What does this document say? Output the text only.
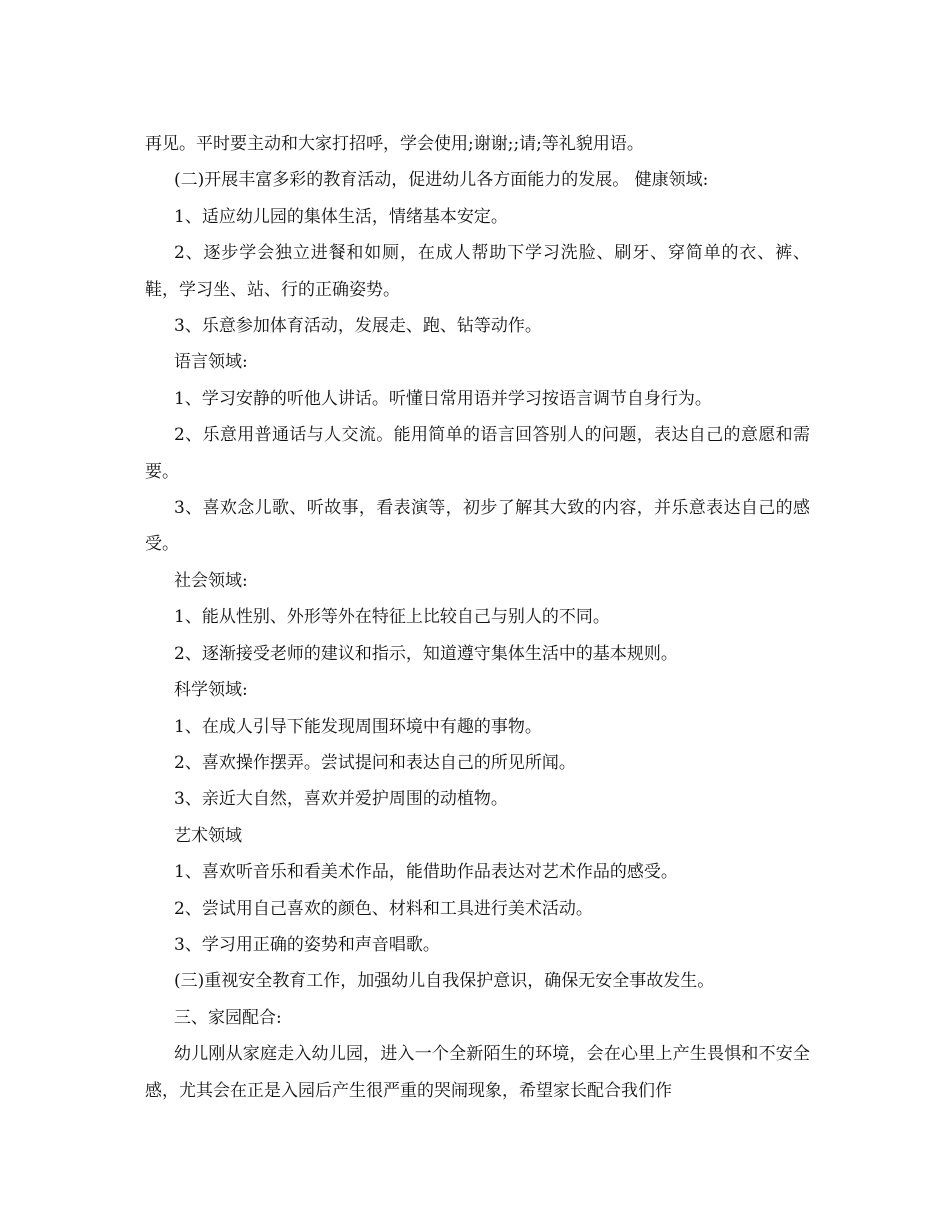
再见。平时要主动和大家打招呼，学会使用;谢谢;;请;等礼貌用语。

(二)开展丰富多彩的教育活动，促进幼儿各方面能力的发展。 健康领域:

1、适应幼儿园的集体生活，情绪基本安定。

2、逐步学会独立进餐和如厕，在成人帮助下学习洗脸、刷牙、穿简单的衣、裤、鞋，学习坐、站、行的正确姿势。

3、乐意参加体育活动，发展走、跑、钻等动作。

语言领域:

1、学习安静的听他人讲话。听懂日常用语并学习按语言调节自身行为。

2、乐意用普通话与人交流。能用简单的语言回答别人的问题，表达自己的意愿和需要。

3、喜欢念儿歌、听故事，看表演等，初步了解其大致的内容，并乐意表达自己的感受。

社会领域:

1、能从性别、外形等外在特征上比较自己与别人的不同。

2、逐渐接受老师的建议和指示，知道遵守集体生活中的基本规则。

科学领域:

1、在成人引导下能发现周围环境中有趣的事物。

2、喜欢操作摆弄。尝试提问和表达自己的所见所闻。

3、亲近大自然，喜欢并爱护周围的动植物。

艺术领域

1、喜欢听音乐和看美术作品，能借助作品表达对艺术作品的感受。

2、尝试用自己喜欢的颜色、材料和工具进行美术活动。

3、学习用正确的姿势和声音唱歌。

(三)重视安全教育工作，加强幼儿自我保护意识，确保无安全事故发生。

三、家园配合:

幼儿刚从家庭走入幼儿园，进入一个全新陌生的环境，会在心里上产生畏惧和不安全感，尤其会在正是入园后产生很严重的哭闹现象，希望家长配合我们作
